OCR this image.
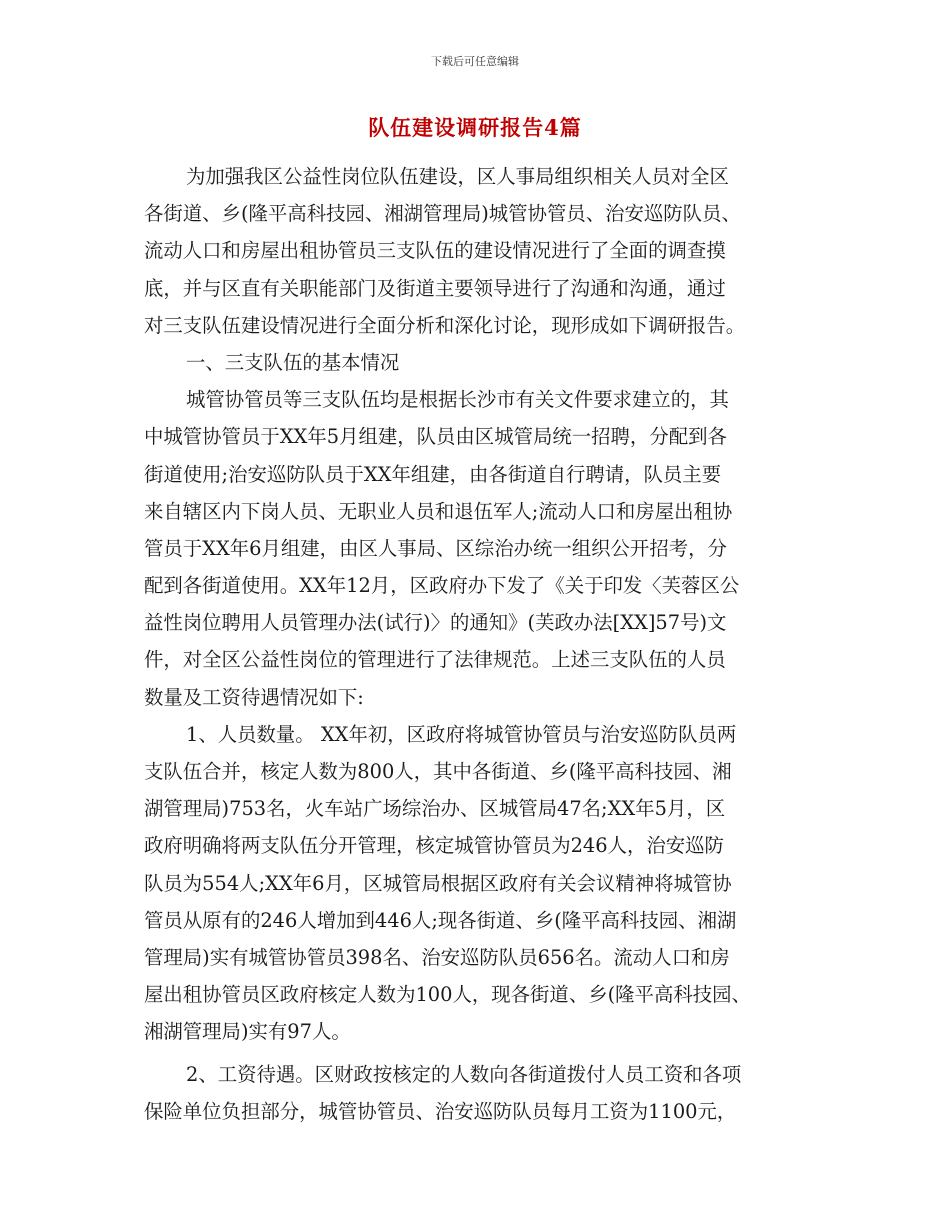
下载后可任意编辑
队伍建设调研报告4篇
为加强我区公益性岗位队伍建设，区人事局组织相关人员对全区
各街道、乡(隆平高科技园、湘湖管理局)城管协管员、治安巡防队员、
流动人口和房屋出租协管员三支队伍的建设情况进行了全面的调查摸
底，并与区直有关职能部门及街道主要领导进行了沟通和沟通，通过
对三支队伍建设情况进行全面分析和深化讨论，现形成如下调研报告。
一、三支队伍的基本情况
城管协管员等三支队伍均是根据长沙市有关文件要求建立的，其
中城管协管员于XX年5月组建，队员由区城管局统一招聘，分配到各
街道使用;治安巡防队员于XX年组建，由各街道自行聘请，队员主要
来自辖区内下岗人员、无职业人员和退伍军人;流动人口和房屋出租协
管员于XX年6月组建，由区人事局、区综治办统一组织公开招考，分
配到各街道使用。XX年12月，区政府办下发了《关于印发〈芙蓉区公
益性岗位聘用人员管理办法(试行)〉的通知》(芙政办法[XX]57号)文
件，对全区公益性岗位的管理进行了法律规范。上述三支队伍的人员
数量及工资待遇情况如下:
1、人员数量。 XX年初，区政府将城管协管员与治安巡防队员两
支队伍合并，核定人数为800人，其中各街道、乡(隆平高科技园、湘
湖管理局)753名，火车站广场综治办、区城管局47名;XX年5月，区
政府明确将两支队伍分开管理，核定城管协管员为246人，治安巡防
队员为554人;XX年6月，区城管局根据区政府有关会议精神将城管协
管员从原有的246人增加到446人;现各街道、乡(隆平高科技园、湘湖
管理局)实有城管协管员398名、治安巡防队员656名。流动人口和房
屋出租协管员区政府核定人数为100人，现各街道、乡(隆平高科技园、
湘湖管理局)实有97人。
2、工资待遇。区财政按核定的人数向各街道拨付人员工资和各项
保险单位负担部分，城管协管员、治安巡防队员每月工资为1100元，
